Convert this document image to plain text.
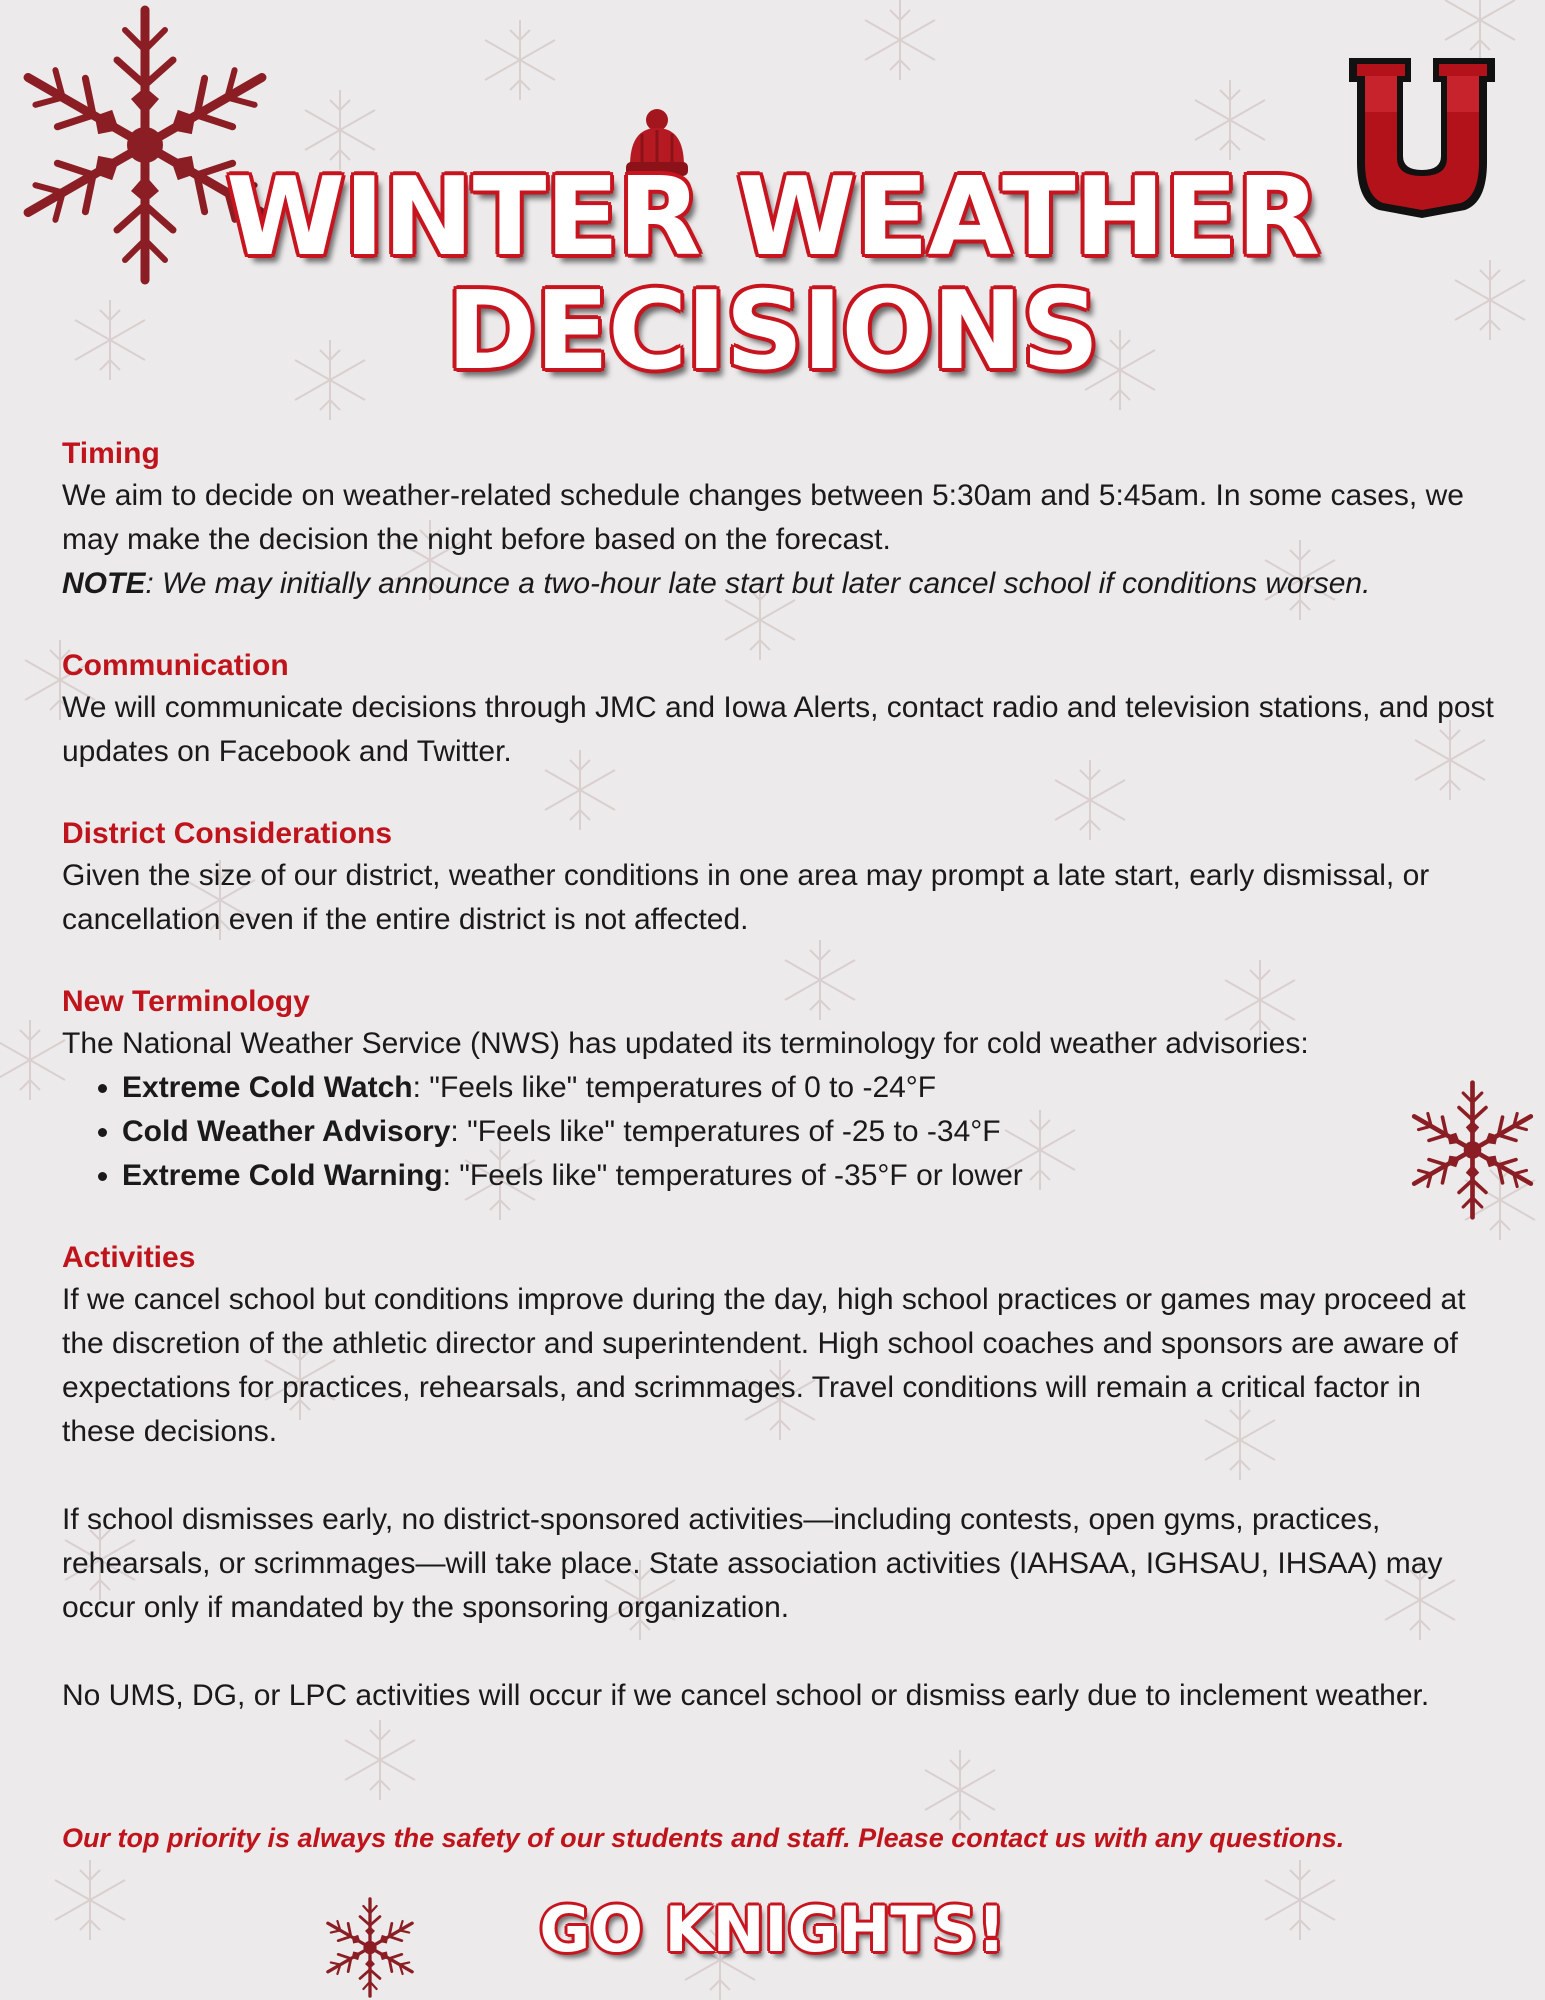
U
WINTER WEATHER
DECISIONS
Timing
We aim to decide on weather-related schedule changes between 5:30am and 5:45am. In some cases, we may make the decision the night before based on the forecast.
NOTE: We may initially announce a two-hour late start but later cancel school if conditions worsen.
Communication
We will communicate decisions through JMC and Iowa Alerts, contact radio and television stations, and post updates on Facebook and Twitter.
District Considerations
Given the size of our district, weather conditions in one area may prompt a late start, early dismissal, or cancellation even if the entire district is not affected.
New Terminology
The National Weather Service (NWS) has updated its terminology for cold weather advisories:
• Extreme Cold Watch: "Feels like" temperatures of 0 to -24°F
• Cold Weather Advisory: "Feels like" temperatures of -25 to -34°F
• Extreme Cold Warning: "Feels like" temperatures of -35°F or lower
Activities
If we cancel school but conditions improve during the day, high school practices or games may proceed at the discretion of the athletic director and superintendent. High school coaches and sponsors are aware of expectations for practices, rehearsals, and scrimmages. Travel conditions will remain a critical factor in these decisions.
If school dismisses early, no district-sponsored activities—including contests, open gyms, practices, rehearsals, or scrimmages—will take place. State association activities (IAHSAA, IGHSAU, IHSAA) may occur only if mandated by the sponsoring organization.
No UMS, DG, or LPC activities will occur if we cancel school or dismiss early due to inclement weather.
Our top priority is always the safety of our students and staff. Please contact us with any questions.
GO KNIGHTS!
